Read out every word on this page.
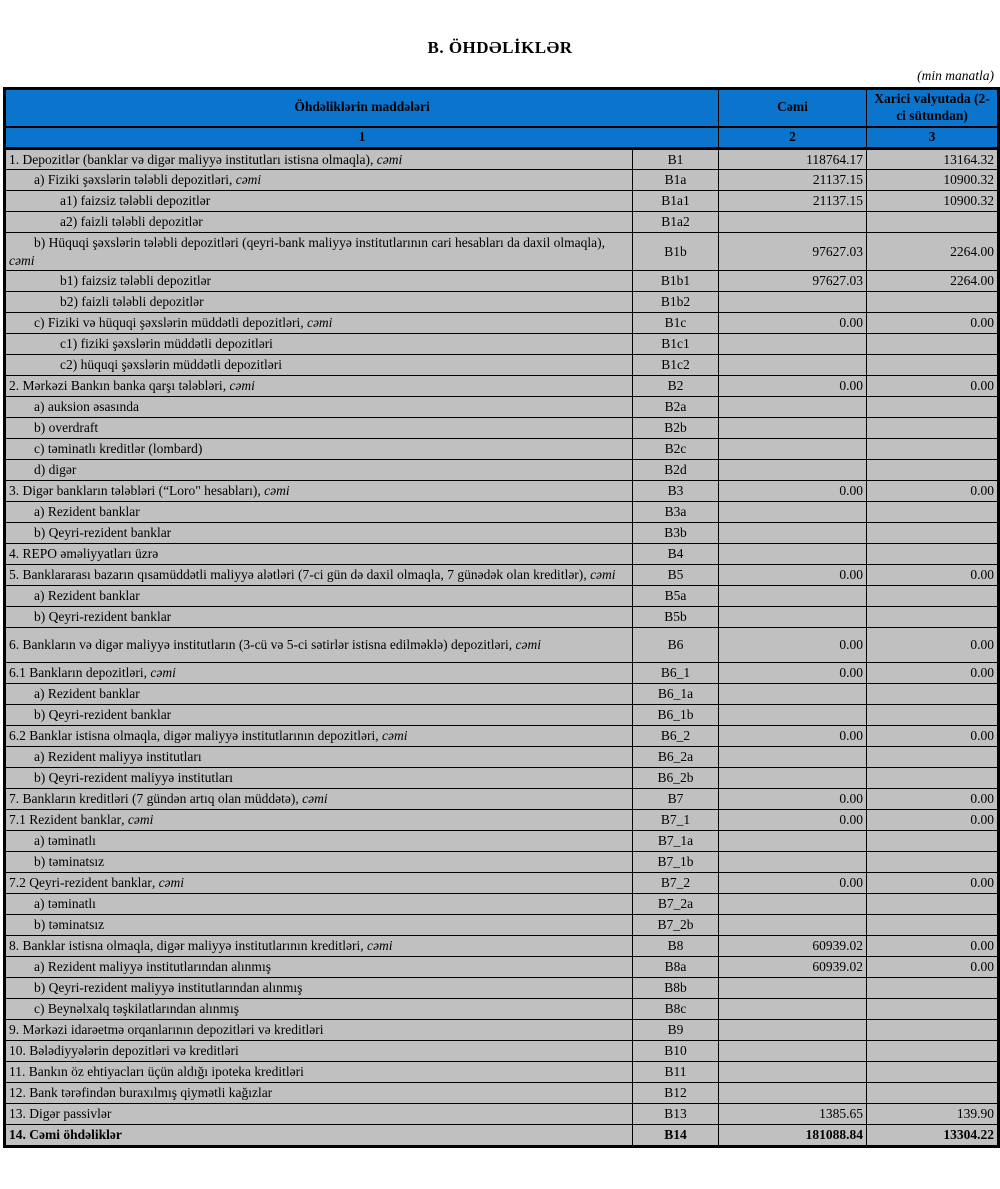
B. ÖHDƏLİKLƏR
(min manatla)
Öhdəliklərin maddələri		Cəmi	Xarici valyutada (2-ci sütundan)
1		2	3
1. Depozitlər (banklar və digər maliyyə institutları istisna olmaqla), cəmi	B1	118764.17	13164.32
a) Fiziki şəxslərin tələbli depozitləri, cəmi	B1a	21137.15	10900.32
a1) faizsiz tələbli depozitlər	B1a1	21137.15	10900.32
a2) faizli tələbli depozitlər	B1a2		
b) Hüquqi şəxslərin tələbli depozitləri (qeyri-bank maliyyə institutlarının cari hesabları da daxil olmaqla), cəmi	B1b	97627.03	2264.00
b1) faizsiz tələbli depozitlər	B1b1	97627.03	2264.00
b2) faizli tələbli depozitlər	B1b2		
c) Fiziki və hüquqi şəxslərin müddətli depozitləri, cəmi	B1c	0.00	0.00
c1) fiziki şəxslərin müddətli depozitləri	B1c1		
c2) hüquqi şəxslərin müddətli depozitləri	B1c2		
2. Mərkəzi Bankın banka qarşı tələbləri, cəmi	B2	0.00	0.00
a) auksion əsasında	B2a		
b) overdraft	B2b		
c) təminatlı kreditlər (lombard)	B2c		
d) digər	B2d		
3. Digər bankların tələbləri (“Loro" hesabları), cəmi	B3	0.00	0.00
a) Rezident banklar	B3a		
b) Qeyri-rezident banklar	B3b		
4. REPO əməliyyatları üzrə	B4		
5. Banklararası bazarın qısamüddətli maliyyə alətləri (7-ci gün də daxil olmaqla, 7 günədək olan kreditlər), cəmi	B5	0.00	0.00
a) Rezident banklar	B5a		
b) Qeyri-rezident banklar	B5b		
6. Bankların və digər maliyyə institutların (3-cü və 5-ci sətirlər istisna edilməklə) depozitləri, cəmi	B6	0.00	0.00
6.1 Bankların depozitləri, cəmi	B6_1	0.00	0.00
a) Rezident banklar	B6_1a		
b) Qeyri-rezident banklar	B6_1b		
6.2 Banklar istisna olmaqla, digər maliyyə institutlarının depozitləri, cəmi	B6_2	0.00	0.00
a) Rezident maliyyə institutları	B6_2a		
b) Qeyri-rezident maliyyə institutları	B6_2b		
7. Bankların kreditləri (7 gündən artıq olan müddətə), cəmi	B7	0.00	0.00
7.1 Rezident banklar, cəmi	B7_1	0.00	0.00
a) təminatlı	B7_1a		
b) təminatsız	B7_1b		
7.2 Qeyri-rezident banklar, cəmi	B7_2	0.00	0.00
a) təminatlı	B7_2a		
b) təminatsız	B7_2b		
8. Banklar istisna olmaqla, digər maliyyə institutlarının kreditləri, cəmi	B8	60939.02	0.00
a) Rezident maliyyə institutlarından alınmış	B8a	60939.02	0.00
b) Qeyri-rezident maliyyə institutlarından alınmış	B8b		
c) Beynəlxalq təşkilatlarından alınmış	B8c		
9. Mərkəzi idarəetmə orqanlarının depozitləri və kreditləri	B9		
10. Bələdiyyələrin depozitləri və kreditləri	B10		
11. Bankın öz ehtiyacları üçün aldığı ipoteka kreditləri	B11		
12. Bank tərəfindən buraxılmış qiymətli kağızlar	B12		
13. Digər passivlər	B13	1385.65	139.90
14. Cəmi öhdəliklər	B14	181088.84	13304.22
